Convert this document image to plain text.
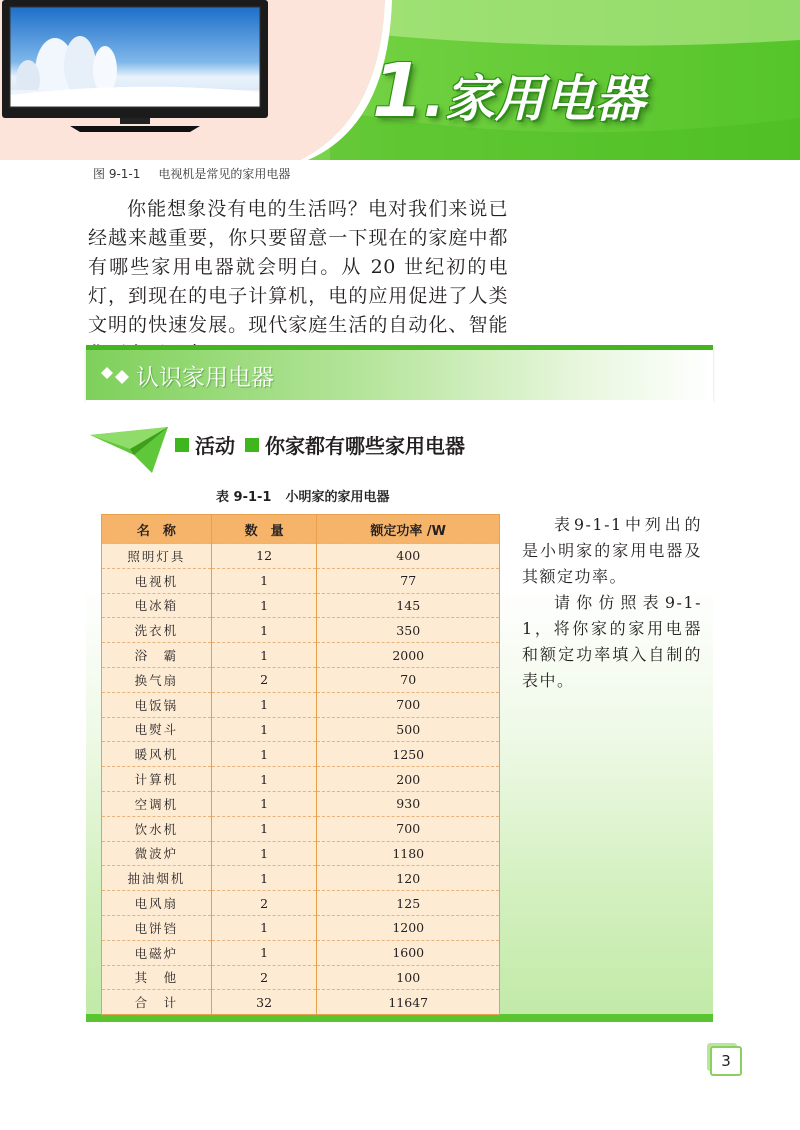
1.家用电器
图 9-1-1 电视机是常见的家用电器

你能想象没有电的生活吗？电对我们来说已经越来越重要，你只要留意一下现在的家庭中都有哪些家用电器就会明白。从 20 世纪初的电灯，到现在的电子计算机，电的应用促进了人类文明的快速发展。现代家庭生活的自动化、智能

认识家用电器
活动 你家都有哪些家用电器
表 9-1-1 小明家的家用电器
名　称	数　量	额定功率 /W
照明灯具	12	400
电视机	1	77
电冰箱	1	145
洗衣机	1	350
浴　霸	1	2000
换气扇	2	70
电饭锅	1	700
电熨斗	1	500
暖风机	1	1250
计算机	1	200
空调机	1	930
饮水机	1	700
微波炉	1	1180
抽油烟机	1	120
电风扇	2	125
电饼铛	1	1200
电磁炉	1	1600
其　他	2	100
合　计	32	11647

表9-1-1中列出的是小明家的家用电器及其额定功率。

请你仿照表9-1-1，将你家的家用电器和额定功率填入自制的表中。

3
